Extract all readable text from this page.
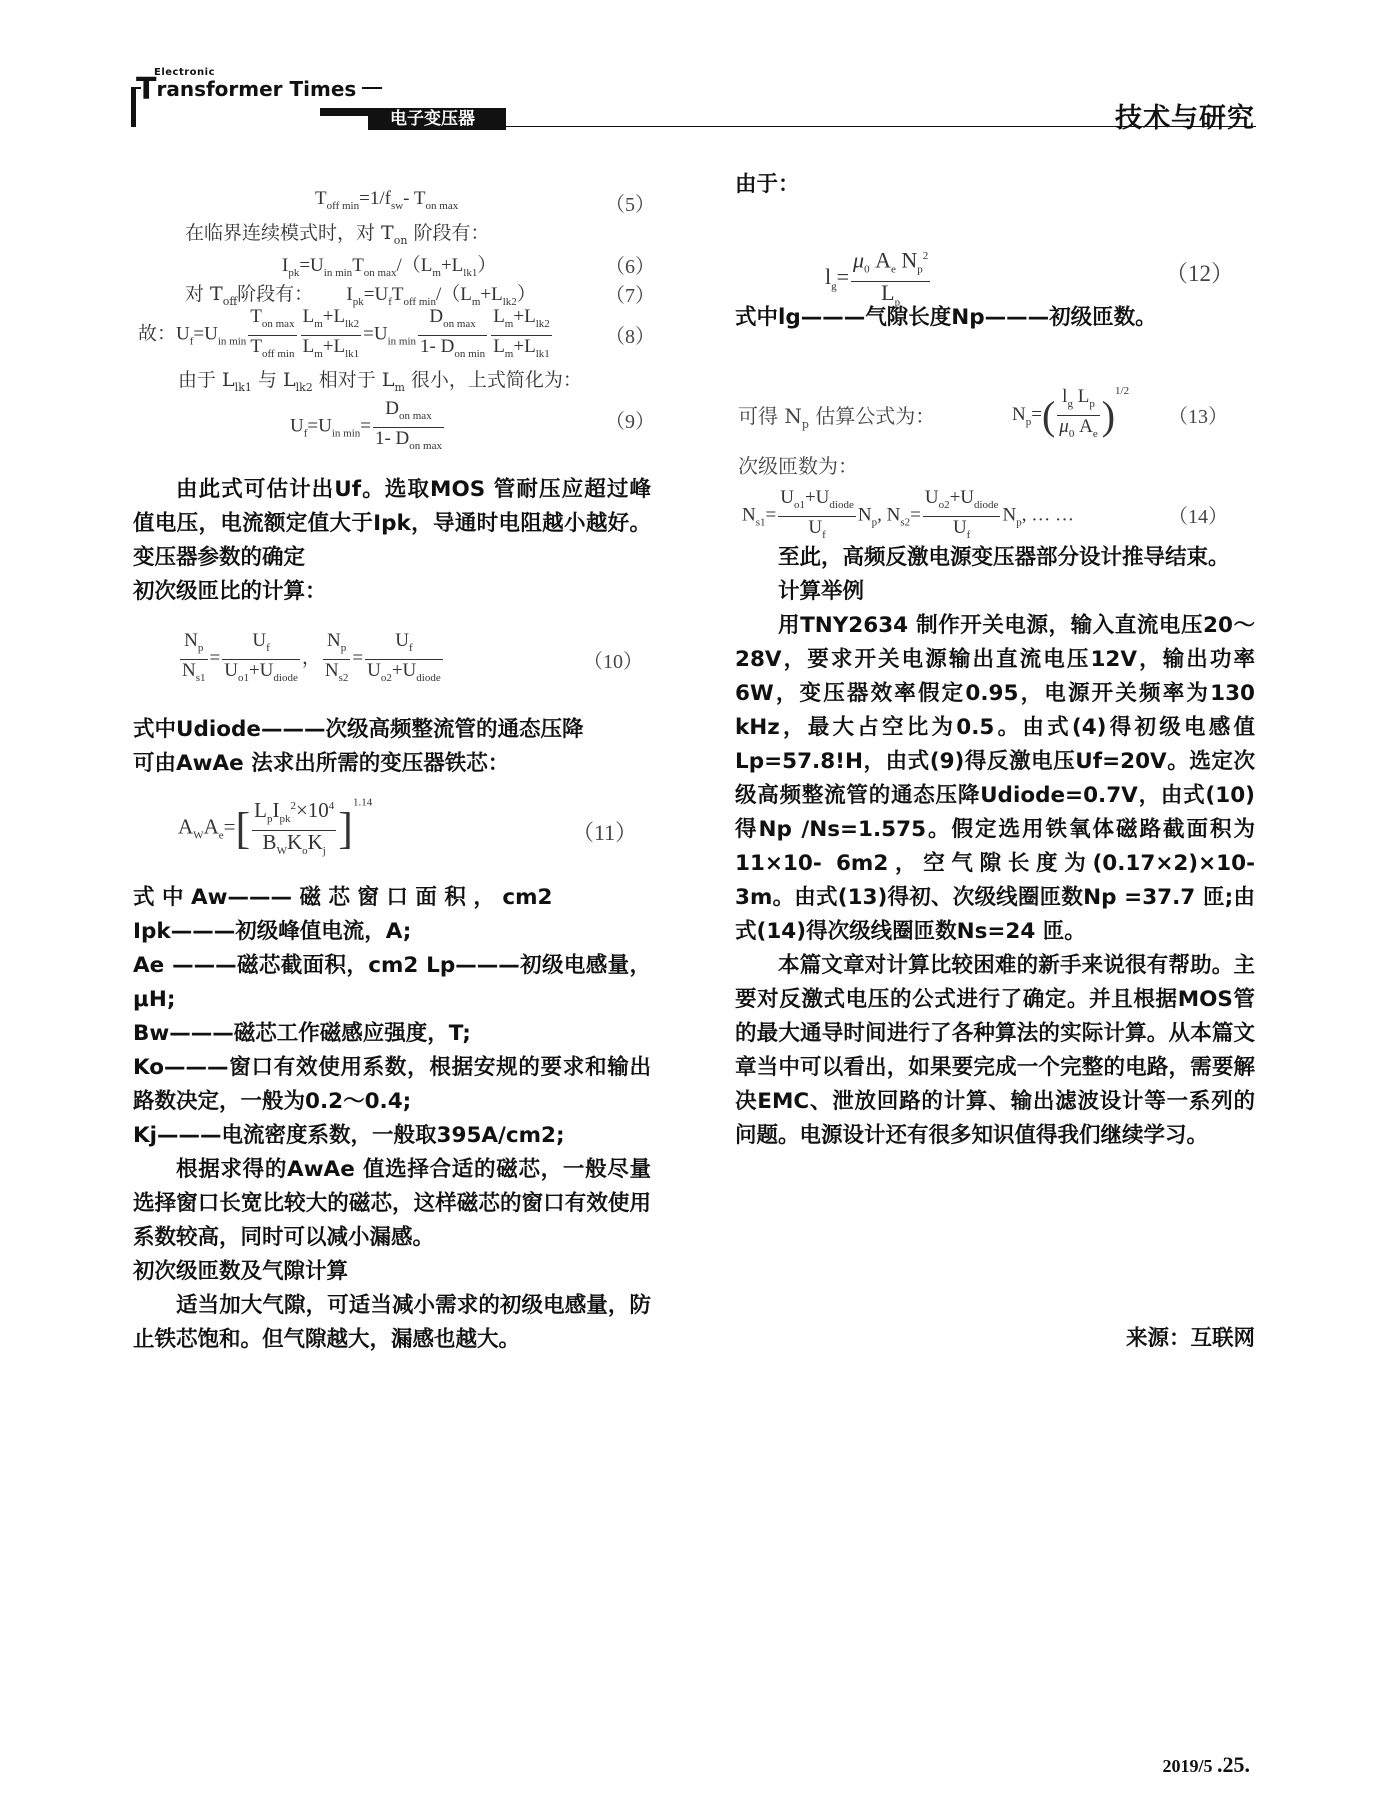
Electronic
Transformer Times
电子变压器	技术与研究
$T_{off min}=1/f_{sw}-$ $T_{on max}$	（5）
在临界连续模式时，对 $T_{on}$ 阶段有：
$I_{pk}=U_{in min}T_{on max}/(L_m+L_{lk1})$	（6）
对 $T_{off}$阶段有：       $I_{pk}=U_fT_{off min}/(L_m+L_{lk2})$	（7）
故：$U_f=U_{in min} \frac{T_{on max}}{T_{off min}} \frac{L_m+L_{lk2}}{L_m+L_{lk1}} =U_{in min} \frac{D_{on max}}{1- D_{on min}} \frac{L_m+L_{lk2}}{L_m+L_{lk1}}$	（8）
由于 $L_{lk1}$ 与 $L_{lk2}$ 相对于 $L_m$ 很小，上式简化为：
$U_f=U_{in min}= \frac{D_{on max}}{1- D_{on max}}$	（9）

由此式可估计出Uf。选取MOS 管耐压应超过峰值电压，电流额定值大于Ipk，导通时电阻越小越好。变压器参数的确定

初次级匝比的计算：

$\frac{N_p}{N_{s1}} = \frac{U_f}{U_{o1}+U_{diode}}$ ， $\frac{N_p}{N_{s2}} = \frac{U_f}{U_{o2}+U_{diode}}$	（10）

式中Udiode———次级高频整流管的通态压降

可由AwAe 法求出所需的变压器铁芯：

$A_WA_e=[ \frac{L_pI_{pk}^2\times 10^4}{B_WK_oK_j} ]^{1.14}$
（11）

式 中 Aw——— 磁 芯 窗 口 面 积 ， cm2

Ipk———初级峰值电流，A;

Ae ———磁芯截面积，cm2 Lp———初级电感量，μH;

Bw———磁芯工作磁感应强度，T;

Ko———窗口有效使用系数，根据安规的要求和输出路数决定，一般为0.2～0.4;

Kj———电流密度系数，一般取395A/cm2;

根据求得的AwAe 值选择合适的磁芯，一般尽量选择窗口长宽比较大的磁芯，这样磁芯的窗口有效使用系数较高，同时可以减小漏感。

初次级匝数及气隙计算

适当加大气隙，可适当减小需求的初级电感量，防止铁芯饱和。但气隙越大，漏感也越大。

由于：

$l_g= \frac{\mu_0 A_e N_p^2}{L_p}$	（12）

式中lg———气隙长度Np———初级匝数。

可得 $N_p$ 估算公式为：	$N_p=( \frac{l_g L_p}{\mu_0 A_e} )^{1/2}$
（13）
次级匝数为：
$N_{s1}= \frac{U_{o1}+U_{diode}}{U_f} N_p$, $N_{s2}= \frac{U_{o2}+U_{diode}}{U_f} N_p$, … …	（14）

至此，高频反激电源变压器部分设计推导结束。

计算举例

用TNY2634 制作开关电源，输入直流电压20～28V，要求开关电源输出直流电压12V，输出功率6W，变压器效率假定0.95，电源开关频率为130 kHz，最大占空比为0.5。由式(4)得初级电感值Lp=57.8!H，由式(9)得反激电压Uf=20V。选定次级高频整流管的通态压降Udiode=0.7V，由式(10)得Np /Ns=1.575。假定选用铁氧体磁路截面积为11×10- 6m2，空气隙长度为(0.17×2)×10- 3m。由式(13)得初、次级线圈匝数Np =37.7 匝;由式(14)得次级线圈匝数Ns=24 匝。

本篇文章对计算比较困难的新手来说很有帮助。主要对反激式电压的公式进行了确定。并且根据MOS管的最大通导时间进行了各种算法的实际计算。从本篇文章当中可以看出，如果要完成一个完整的电路，需要解决EMC、泄放回路的计算、输出滤波设计等一系列的问题。电源设计还有很多知识值得我们继续学习。

来源：互联网

2019/5 .25.
